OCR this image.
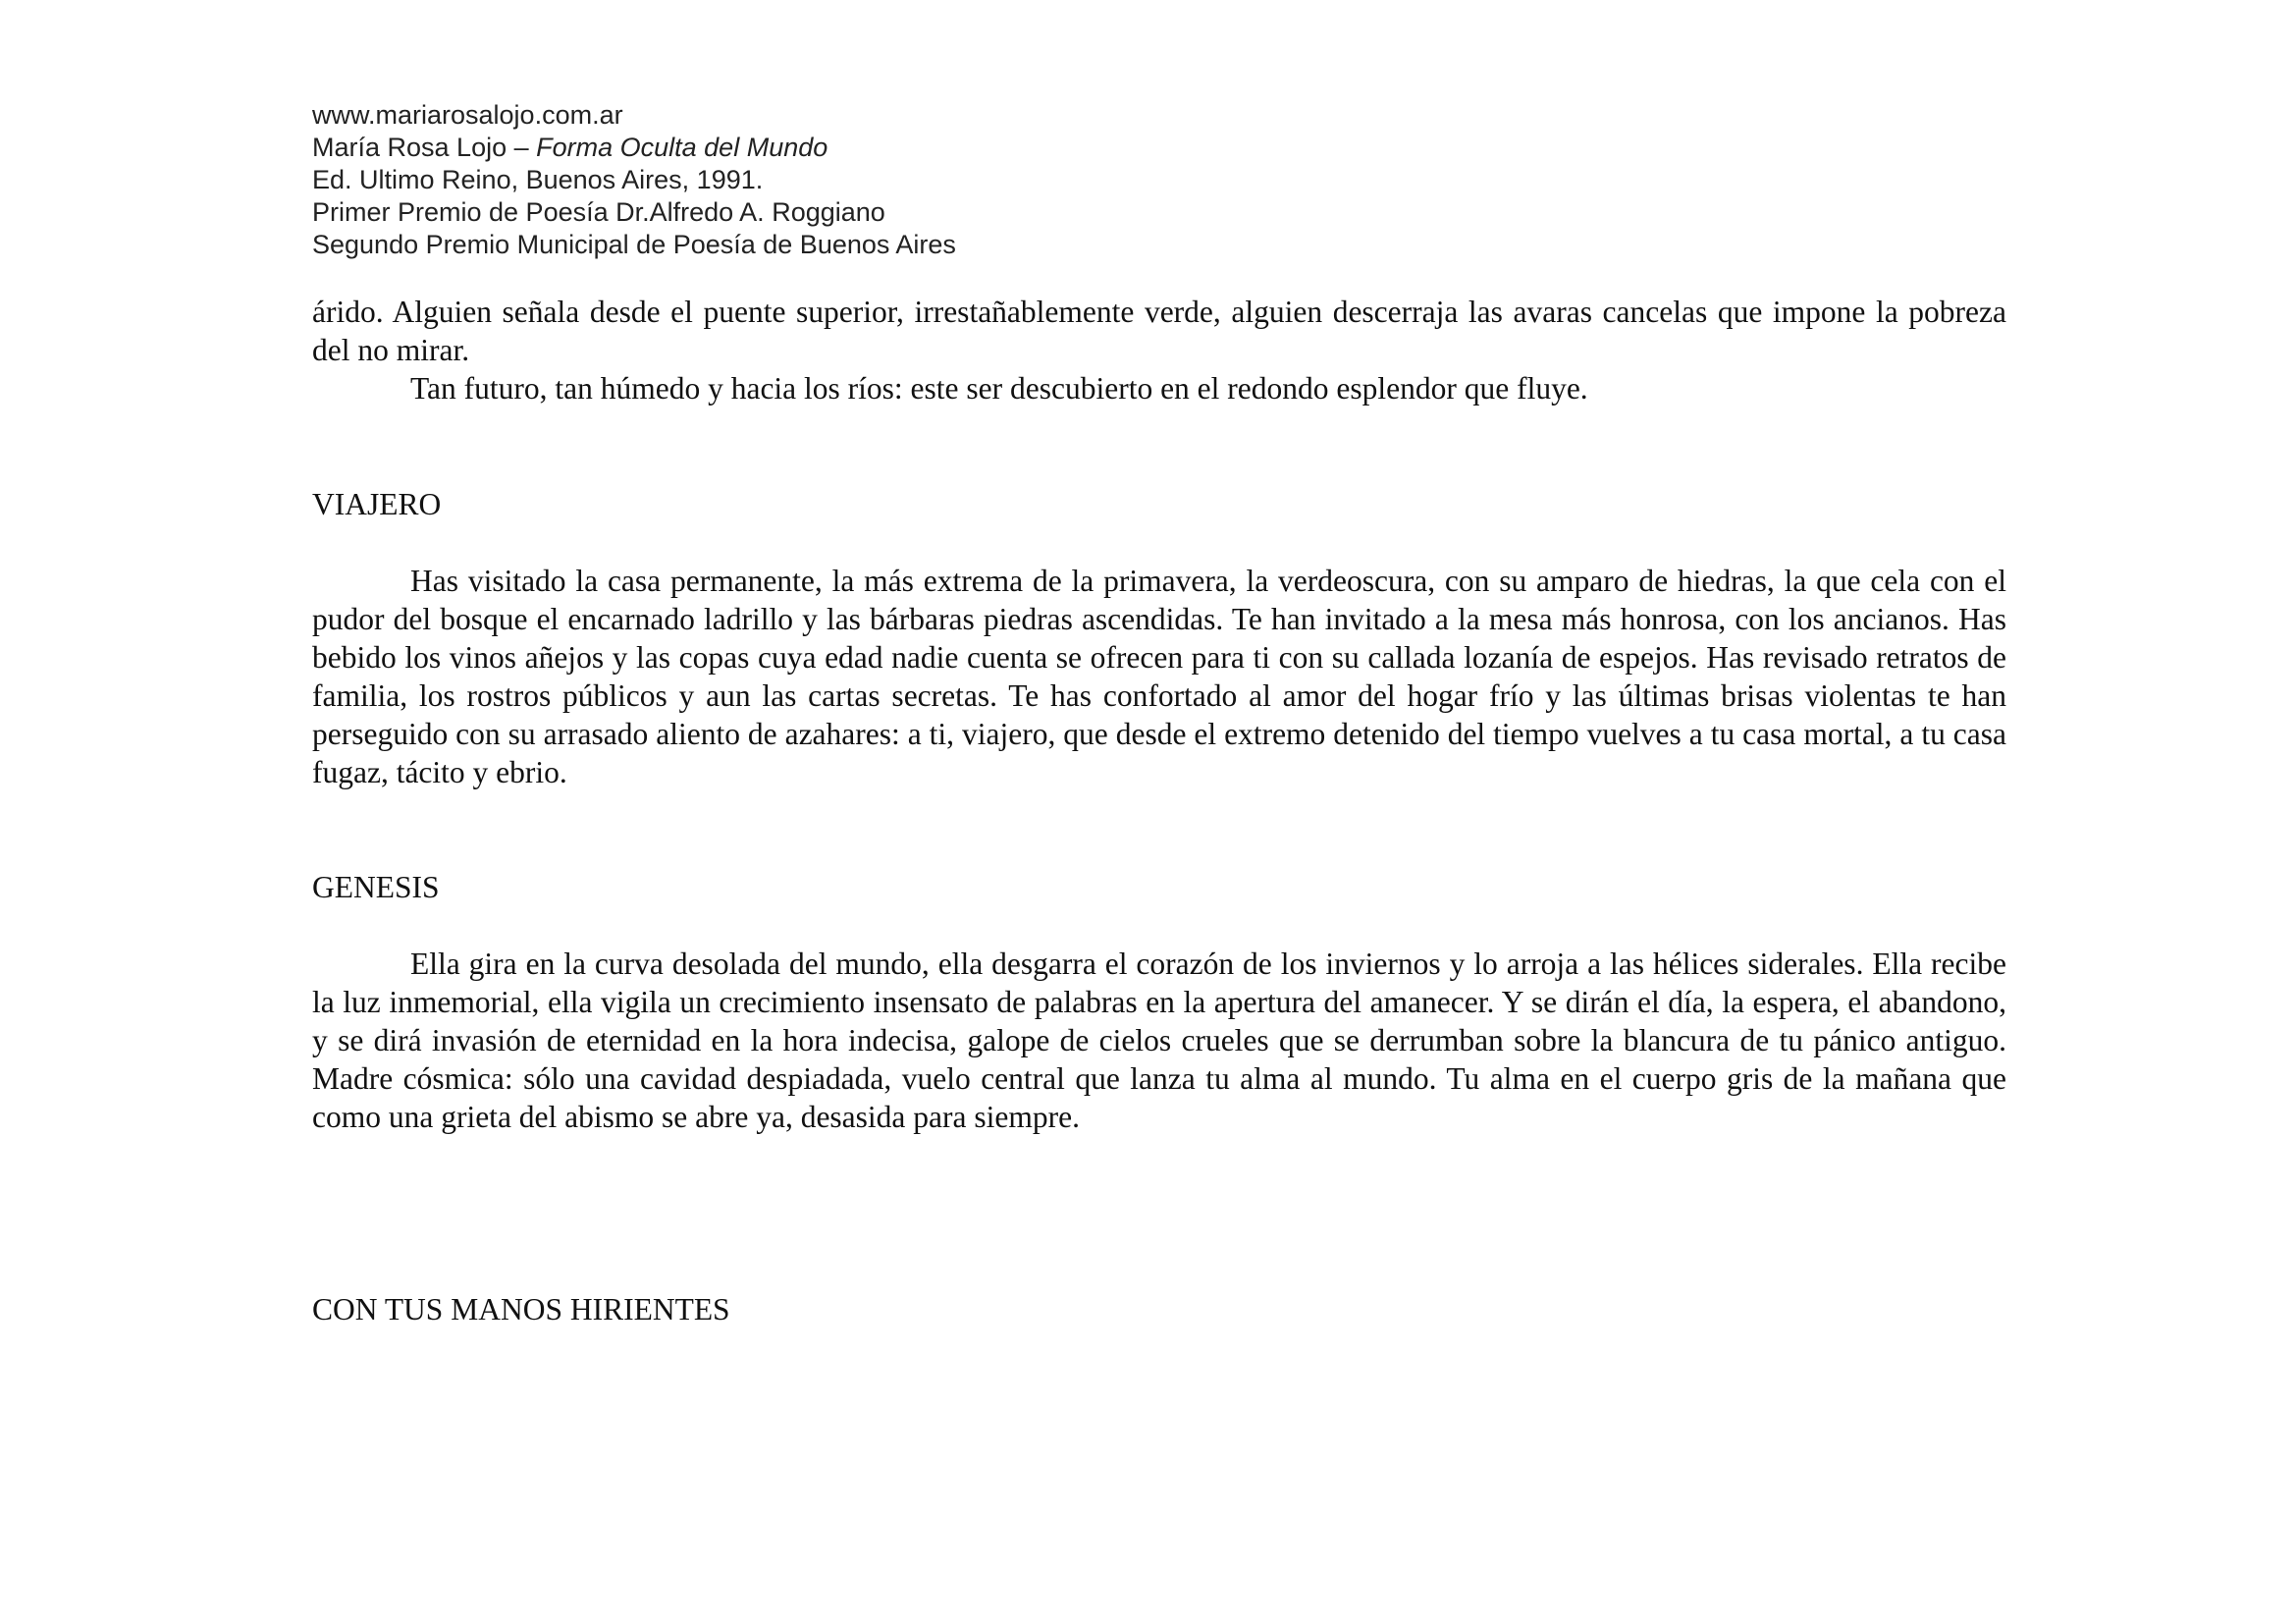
www.mariarosalojo.com.ar
María Rosa Lojo – Forma Oculta del Mundo
Ed. Ultimo Reino, Buenos Aires, 1991.
Primer Premio de Poesía Dr.Alfredo A. Roggiano
Segundo Premio Municipal de Poesía de Buenos Aires

árido. Alguien señala desde el puente superior, irrestañablemente verde, alguien descerraja las avaras cancelas que impone la pobreza del no mirar.

Tan futuro, tan húmedo y hacia los ríos: este ser descubierto en el redondo esplendor que fluye.

VIAJERO

Has visitado la casa permanente, la más extrema de la primavera, la verdeoscura, con su amparo de hiedras, la que cela con el pudor del bosque el encarnado ladrillo y las bárbaras piedras ascendidas. Te han invitado a la mesa más honrosa, con los ancianos. Has bebido los vinos añejos y las copas cuya edad nadie cuenta se ofrecen para ti con su callada lozanía de espejos. Has revisado retratos de familia, los rostros públicos y aun las cartas secretas. Te has confortado al amor del hogar frío y las últimas brisas violentas te han perseguido con su arrasado aliento de azahares: a ti, viajero, que desde el extremo detenido del tiempo vuelves a tu casa mortal, a tu casa fugaz, tácito y ebrio.

GENESIS

Ella gira en la curva desolada del mundo, ella desgarra el corazón de los inviernos y lo arroja a las hélices siderales. Ella recibe la luz inmemorial, ella vigila un crecimiento insensato de palabras en la apertura del amanecer. Y se dirán el día, la espera, el abandono, y se dirá invasión de eternidad en la hora indecisa, galope de cielos crueles que se derrumban sobre la blancura de tu pánico antiguo. Madre cósmica: sólo una cavidad despiadada, vuelo central que lanza tu alma al mundo. Tu alma en el cuerpo gris de la mañana que como una grieta del abismo se abre ya, desasida para siempre.

CON TUS MANOS HIRIENTES
